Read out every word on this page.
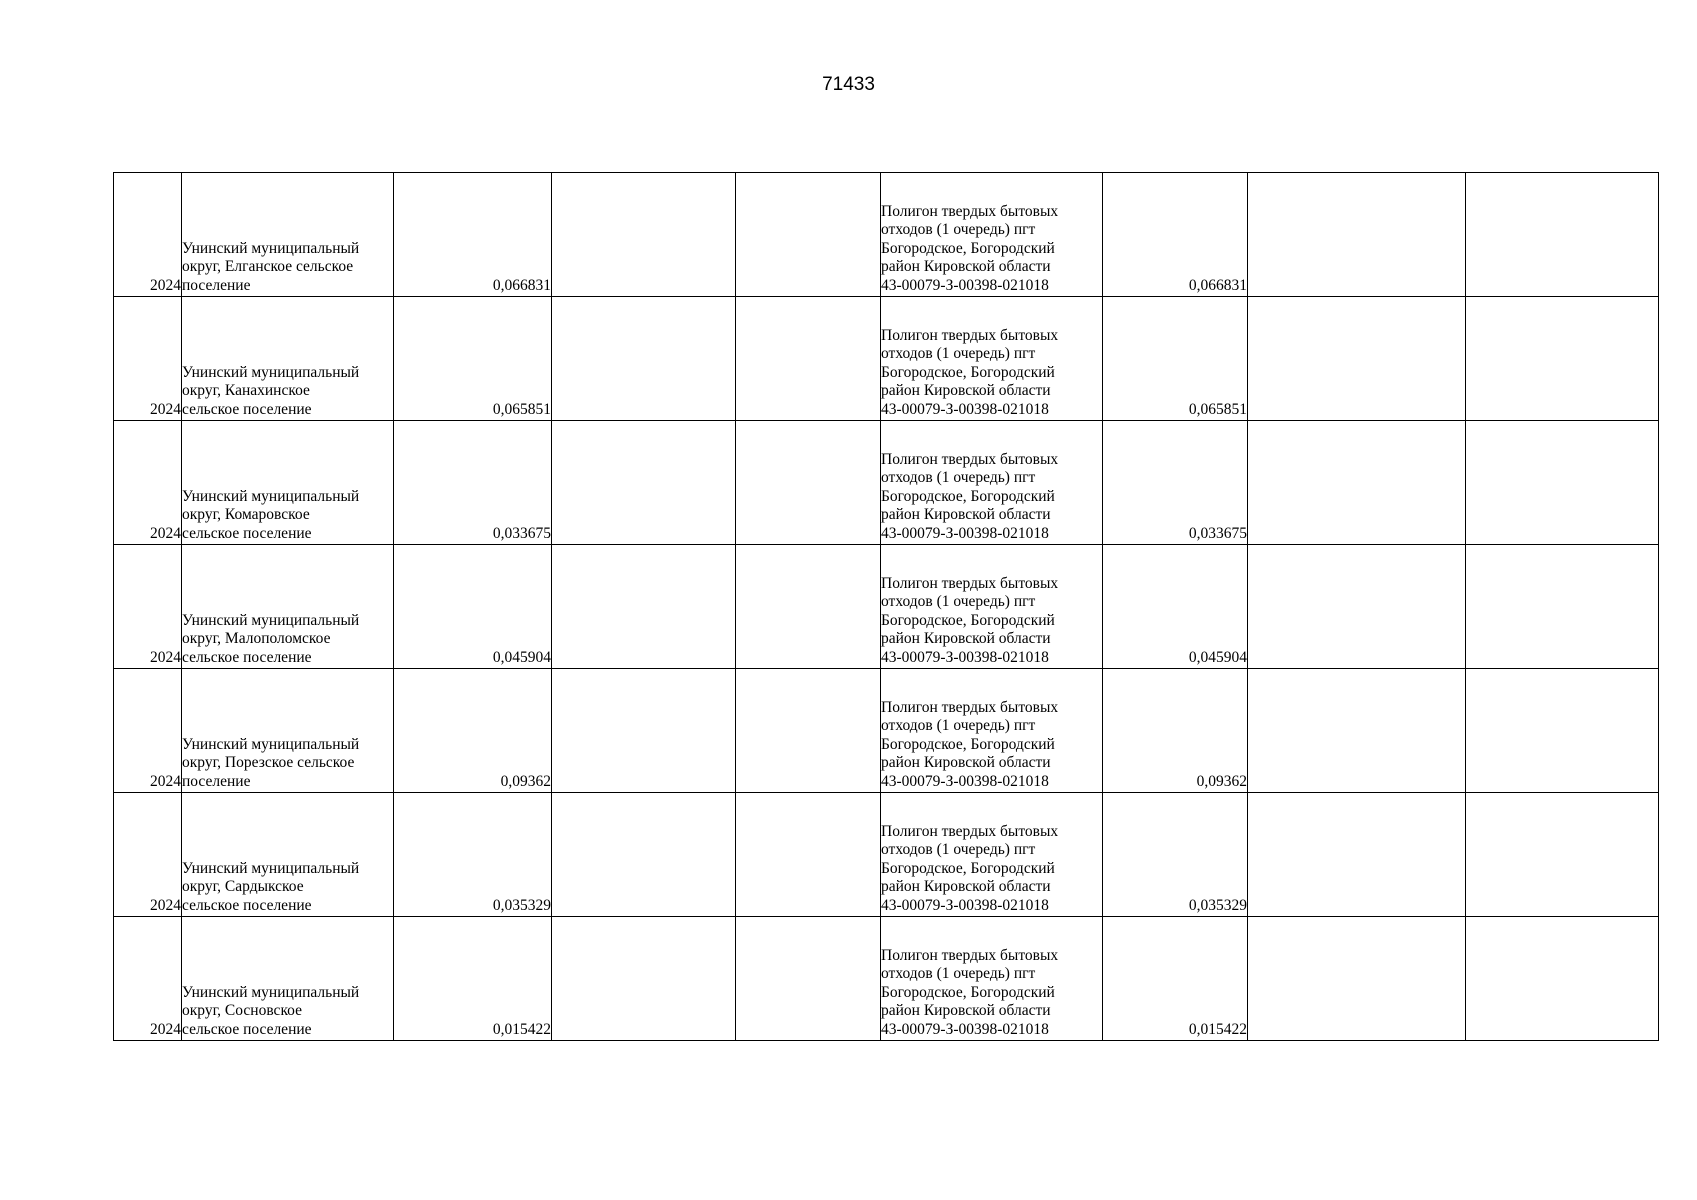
71433
2024	Унинский муниципальный
округ, Елганское сельское
поселение	0,066831			Полигон твердых бытовых
отходов (1 очередь) пгт
Богородское, Богородский
район Кировской области
43-00079-З-00398-021018	0,066831		
2024	Унинский муниципальный
округ, Канахинское
сельское поселение	0,065851			Полигон твердых бытовых
отходов (1 очередь) пгт
Богородское, Богородский
район Кировской области
43-00079-З-00398-021018	0,065851		
2024	Унинский муниципальный
округ, Комаровское
сельское поселение	0,033675			Полигон твердых бытовых
отходов (1 очередь) пгт
Богородское, Богородский
район Кировской области
43-00079-З-00398-021018	0,033675		
2024	Унинский муниципальный
округ, Малополомское
сельское поселение	0,045904			Полигон твердых бытовых
отходов (1 очередь) пгт
Богородское, Богородский
район Кировской области
43-00079-З-00398-021018	0,045904		
2024	Унинский муниципальный
округ, Порезское сельское
поселение	0,09362			Полигон твердых бытовых
отходов (1 очередь) пгт
Богородское, Богородский
район Кировской области
43-00079-З-00398-021018	0,09362		
2024	Унинский муниципальный
округ, Сардыкское
сельское поселение	0,035329			Полигон твердых бытовых
отходов (1 очередь) пгт
Богородское, Богородский
район Кировской области
43-00079-З-00398-021018	0,035329		
2024	Унинский муниципальный
округ, Сосновское
сельское поселение	0,015422			Полигон твердых бытовых
отходов (1 очередь) пгт
Богородское, Богородский
район Кировской области
43-00079-З-00398-021018	0,015422		
